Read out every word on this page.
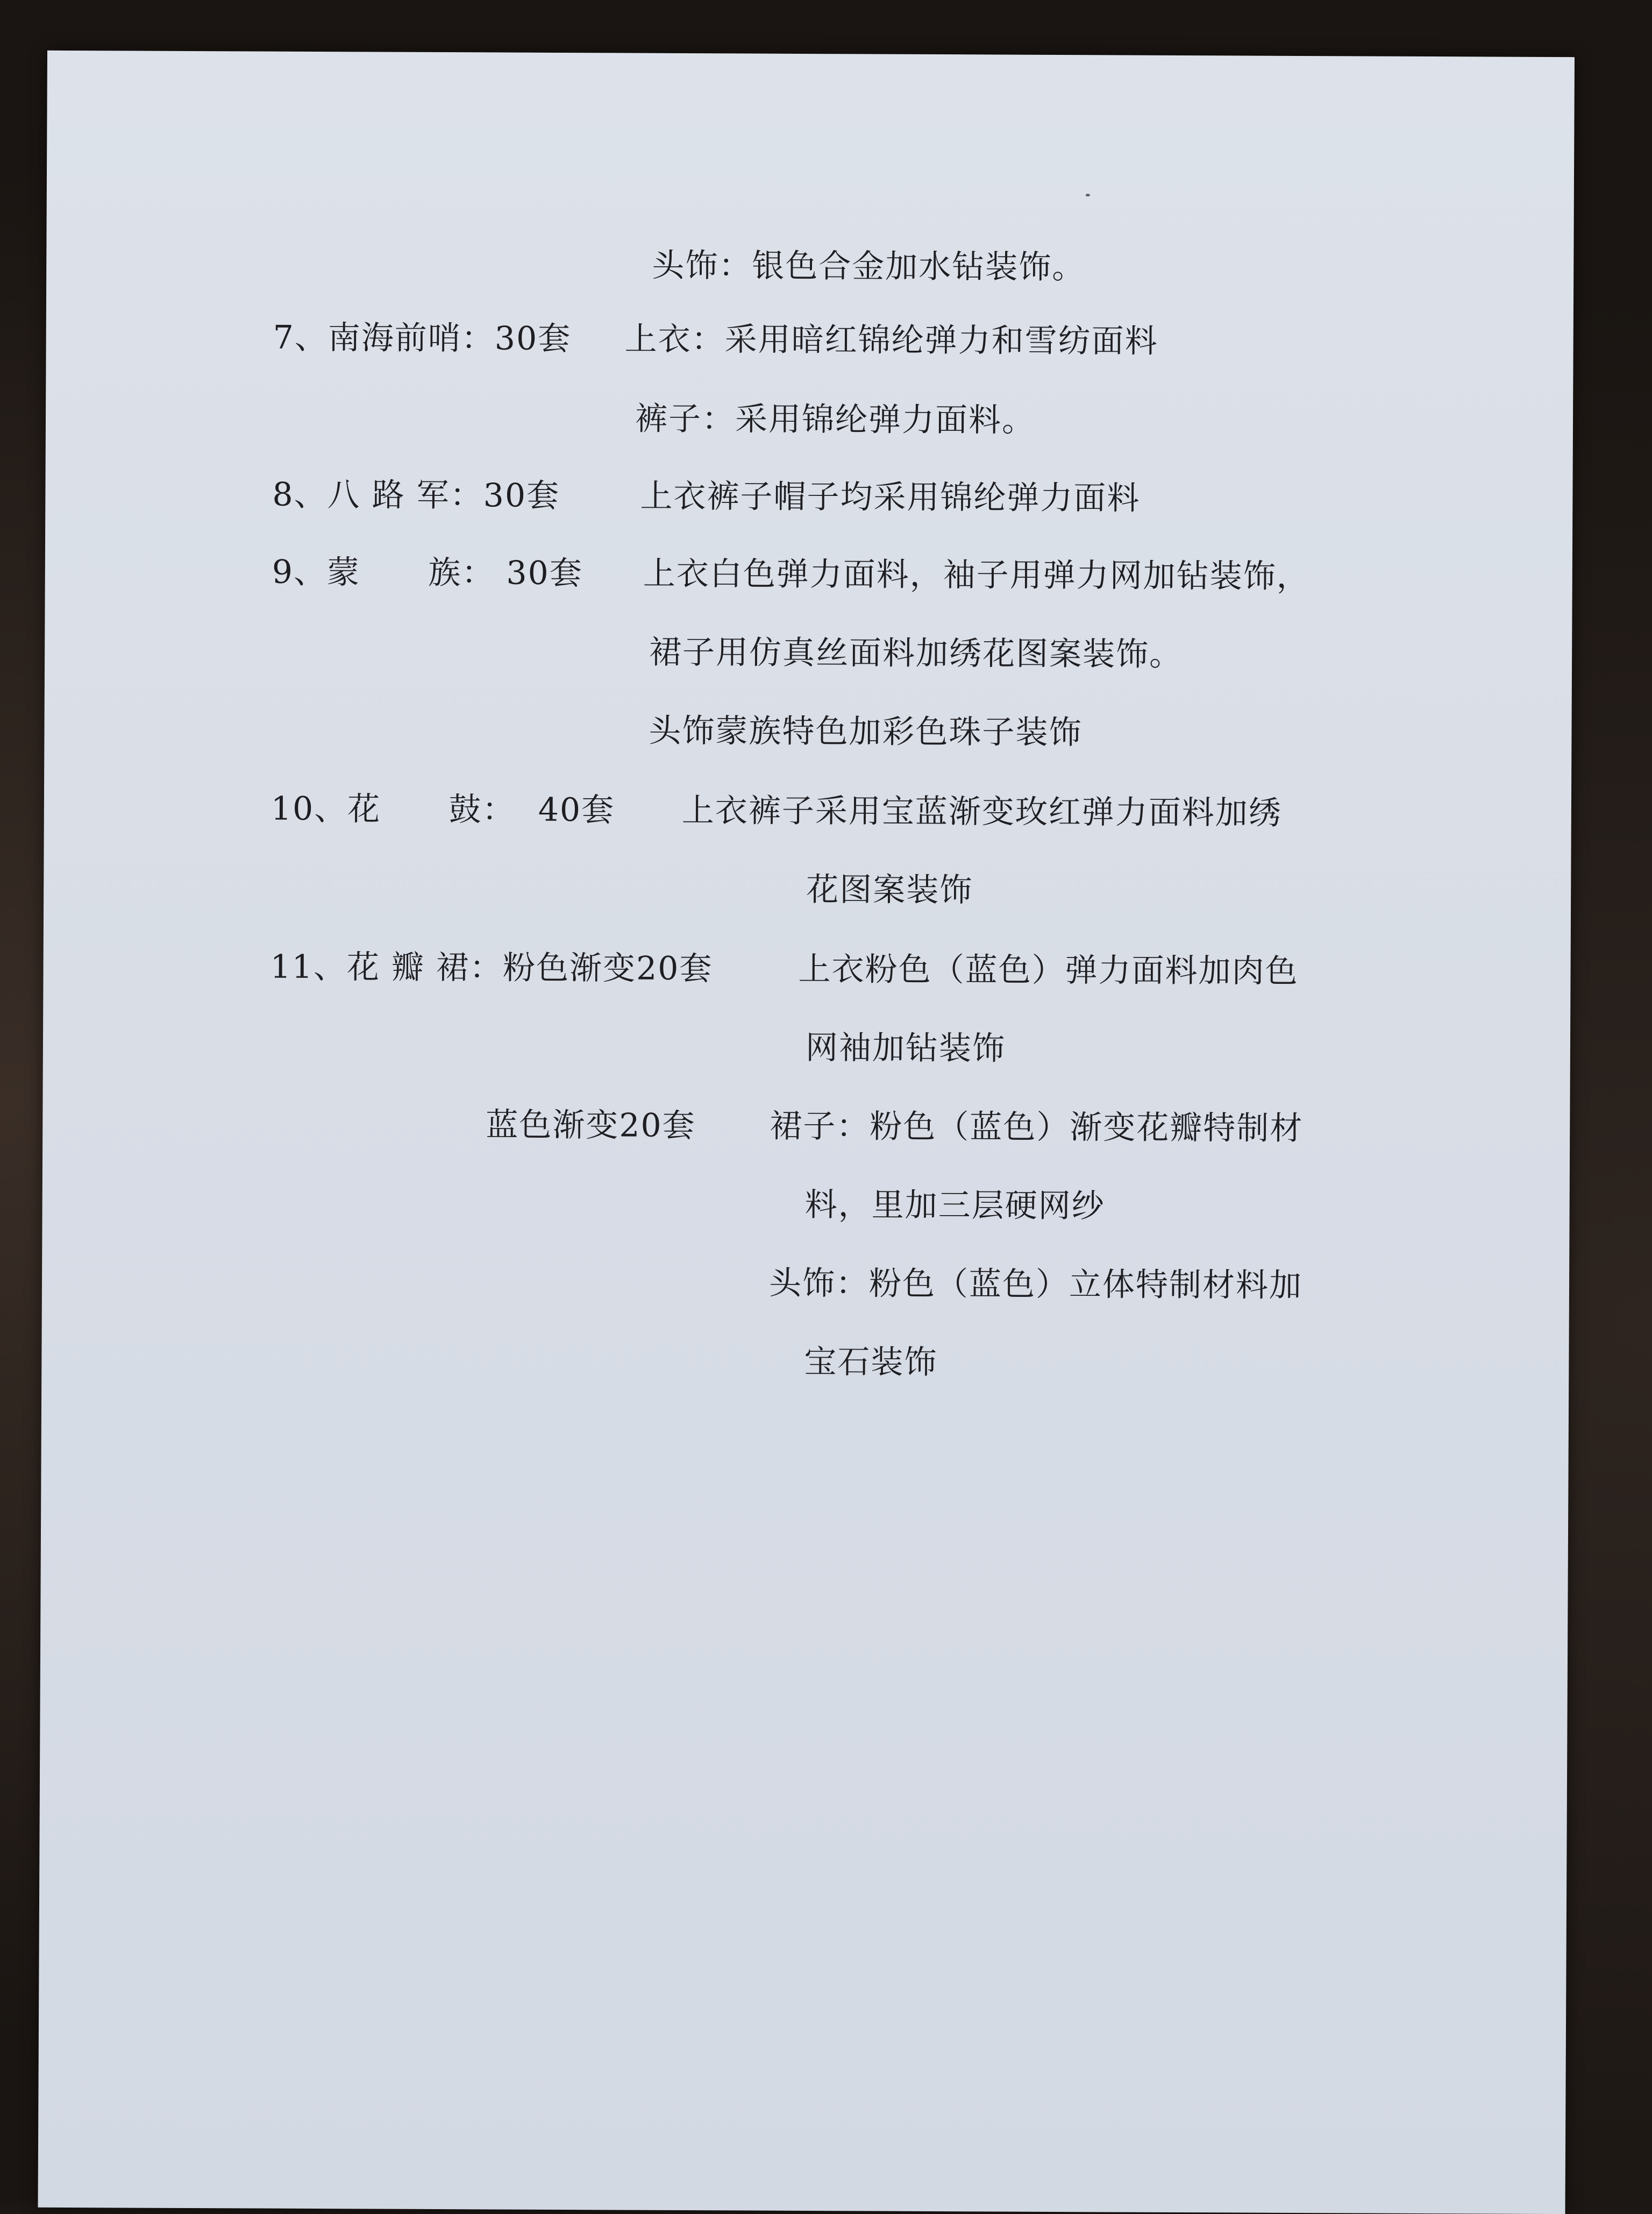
头饰：银色合金加水钻装饰。
7、南海前哨：30套 上衣：采用暗红锦纶弹力和雪纺面料
裤子：采用锦纶弹力面料。
8、八 路 军：30套 上衣裤子帽子均采用锦纶弹力面料
9、蒙      族： 30套 上衣白色弹力面料，袖子用弹力网加钻装饰，
裙子用仿真丝面料加绣花图案装饰。
头饰蒙族特色加彩色珠子装饰
10、花      鼓：  40套 上衣裤子采用宝蓝渐变玫红弹力面料加绣
花图案装饰
11、花 瓣 裙：粉色渐变20套	上衣粉色（蓝色）弹力面料加肉色
网袖加钻装饰
蓝色渐变20套 裙子：粉色（蓝色）渐变花瓣特制材
料，里加三层硬网纱
头饰：粉色（蓝色）立体特制材料加
宝石装饰
